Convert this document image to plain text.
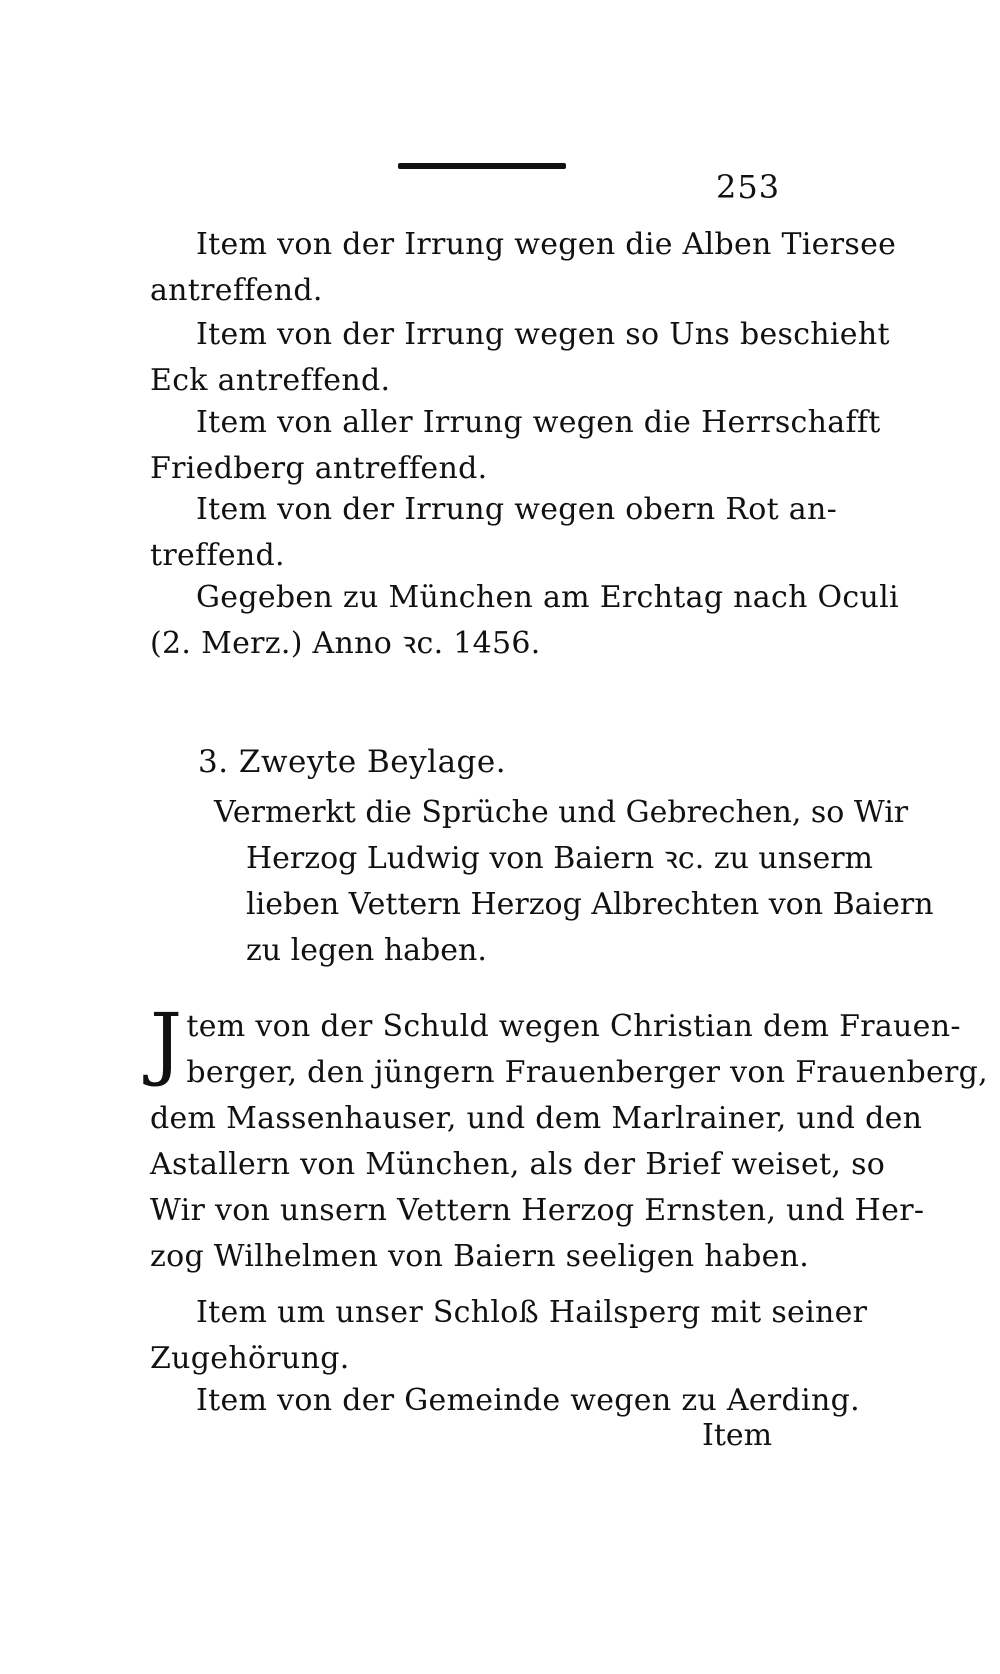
253
Item von der Irrung wegen die Alben Tiersee
antreffend.
Item von der Irrung wegen so Uns beschieht
Eck antreffend.
Item von aller Irrung wegen die Herrschafft
Friedberg antreffend.
Item von der Irrung wegen obern Rot an-
treffend.
Gegeben zu München am Erchtag nach Oculi
(2. Merz.) Anno ꝛc. 1456.
3. Zweyte Beylage.
Vermerkt die Sprüche und Gebrechen, so Wir
Herzog Ludwig von Baiern ꝛc. zu unserm
lieben Vettern Herzog Albrechten von Baiern
zu legen haben.
J tem von der Schuld wegen Christian dem Frauen-
berger, den jüngern Frauenberger von Frauenberg,
dem Massenhauser, und dem Marlrainer, und den
Astallern von München, als der Brief weiset, so
Wir von unsern Vettern Herzog Ernsten, und Her-
zog Wilhelmen von Baiern seeligen haben.
Item um unser Schloß Hailsperg mit seiner
Zugehörung.
Item von der Gemeinde wegen zu Aerding.
Item
